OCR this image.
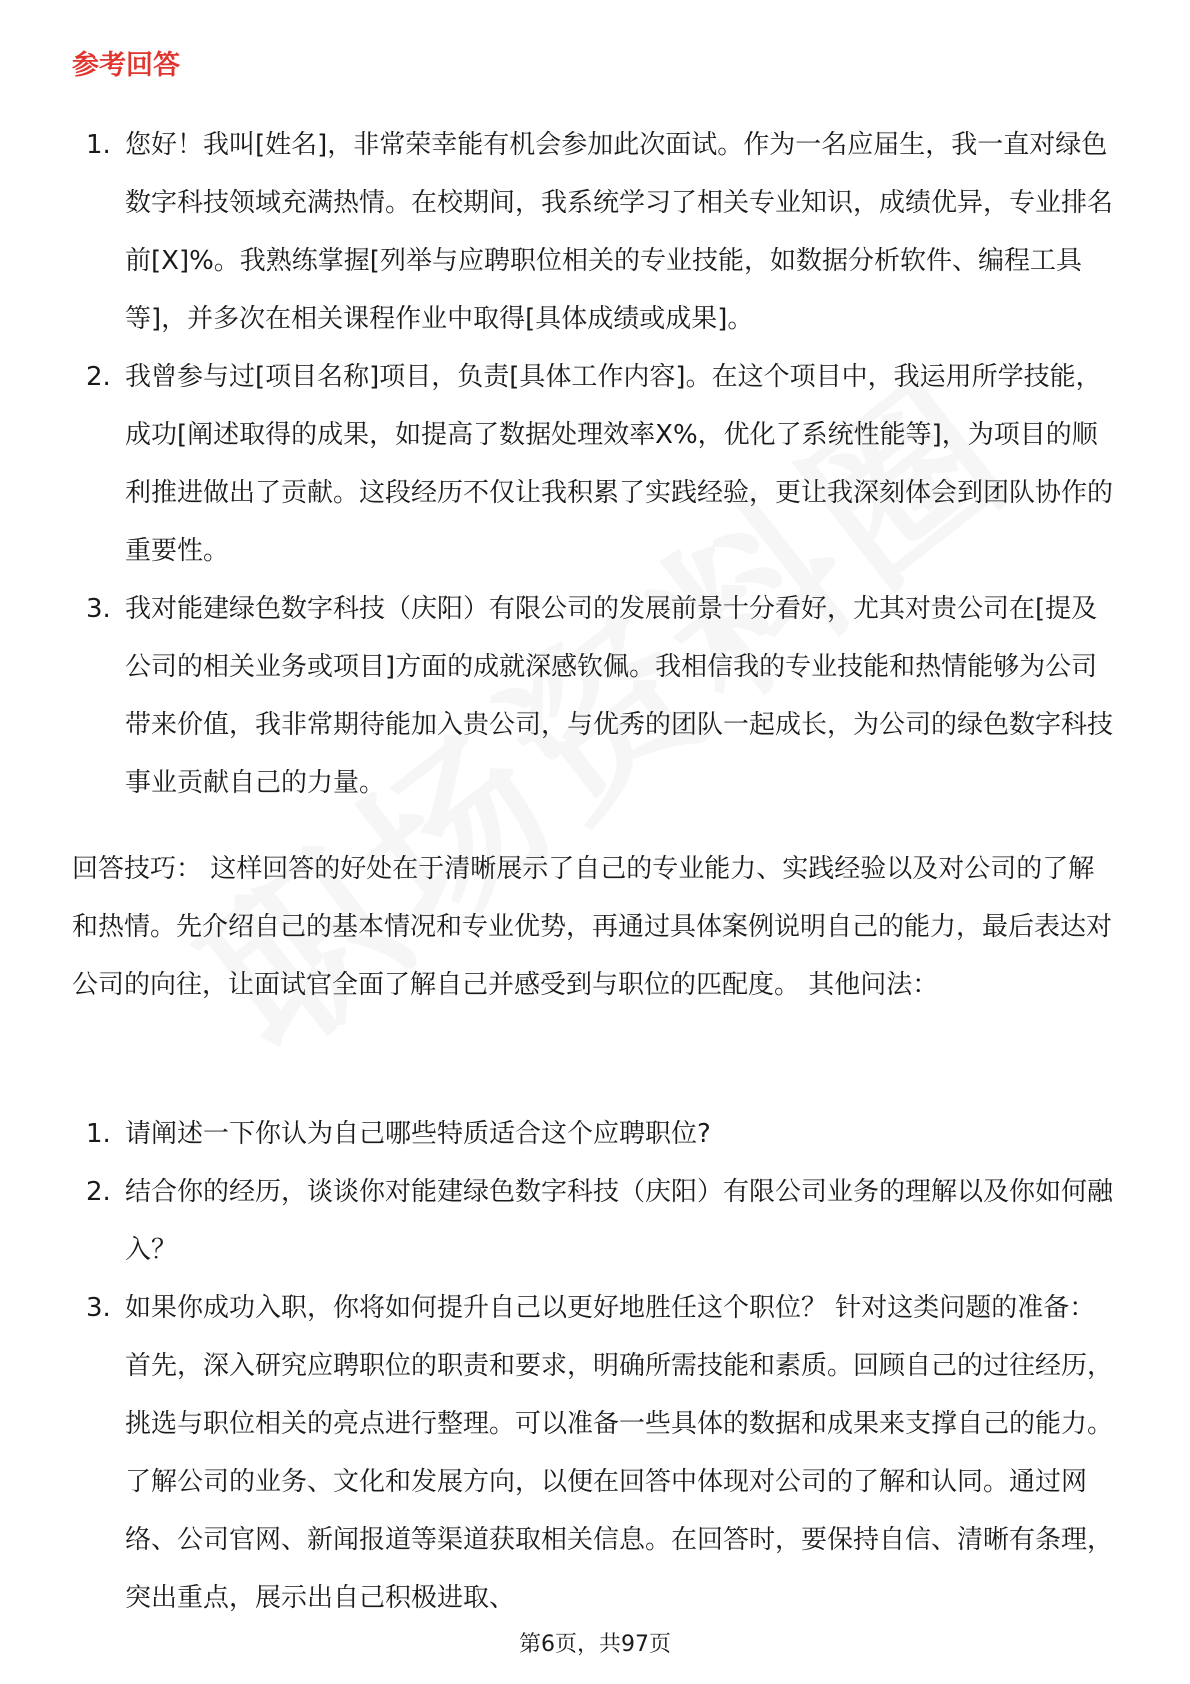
参考回答
1. 您好！我叫[姓名]，非常荣幸能有机会参加此次面试。作为一名应届生，我一直对绿色数字科技领域充满热情。在校期间，我系统学习了相关专业知识，成绩优异，专业排名前[X]%。我熟练掌握[列举与应聘职位相关的专业技能，如数据分析软件、编程工具等]，并多次在相关课程作业中取得[具体成绩或成果]。
2. 我曾参与过[项目名称]项目，负责[具体工作内容]。在这个项目中，我运用所学技能，成功[阐述取得的成果，如提高了数据处理效率X%，优化了系统性能等]，为项目的顺利推进做出了贡献。这段经历不仅让我积累了实践经验，更让我深刻体会到团队协作的重要性。
3. 我对能建绿色数字科技（庆阳）有限公司的发展前景十分看好，尤其对贵公司在[提及公司的相关业务或项目]方面的成就深感钦佩。我相信我的专业技能和热情能够为公司带来价值，我非常期待能加入贵公司，与优秀的团队一起成长，为公司的绿色数字科技事业贡献自己的力量。

回答技巧： 这样回答的好处在于清晰展示了自己的专业能力、实践经验以及对公司的了解和热情。先介绍自己的基本情况和专业优势，再通过具体案例说明自己的能力，最后表达对公司的向往，让面试官全面了解自己并感受到与职位的匹配度。 其他问法：

1. 请阐述一下你认为自己哪些特质适合这个应聘职位?
2. 结合你的经历，谈谈你对能建绿色数字科技（庆阳）有限公司业务的理解以及你如何融入？
3. 如果你成功入职，你将如何提升自己以更好地胜任这个职位？ 针对这类问题的准备： 首先，深入研究应聘职位的职责和要求，明确所需技能和素质。回顾自己的过往经历，挑选与职位相关的亮点进行整理。可以准备一些具体的数据和成果来支撑自己的能力。了解公司的业务、文化和发展方向，以便在回答中体现对公司的了解和认同。通过网络、公司官网、新闻报道等渠道获取相关信息。在回答时，要保持自信、清晰有条理，突出重点，展示出自己积极进取、
第6页，共97页
